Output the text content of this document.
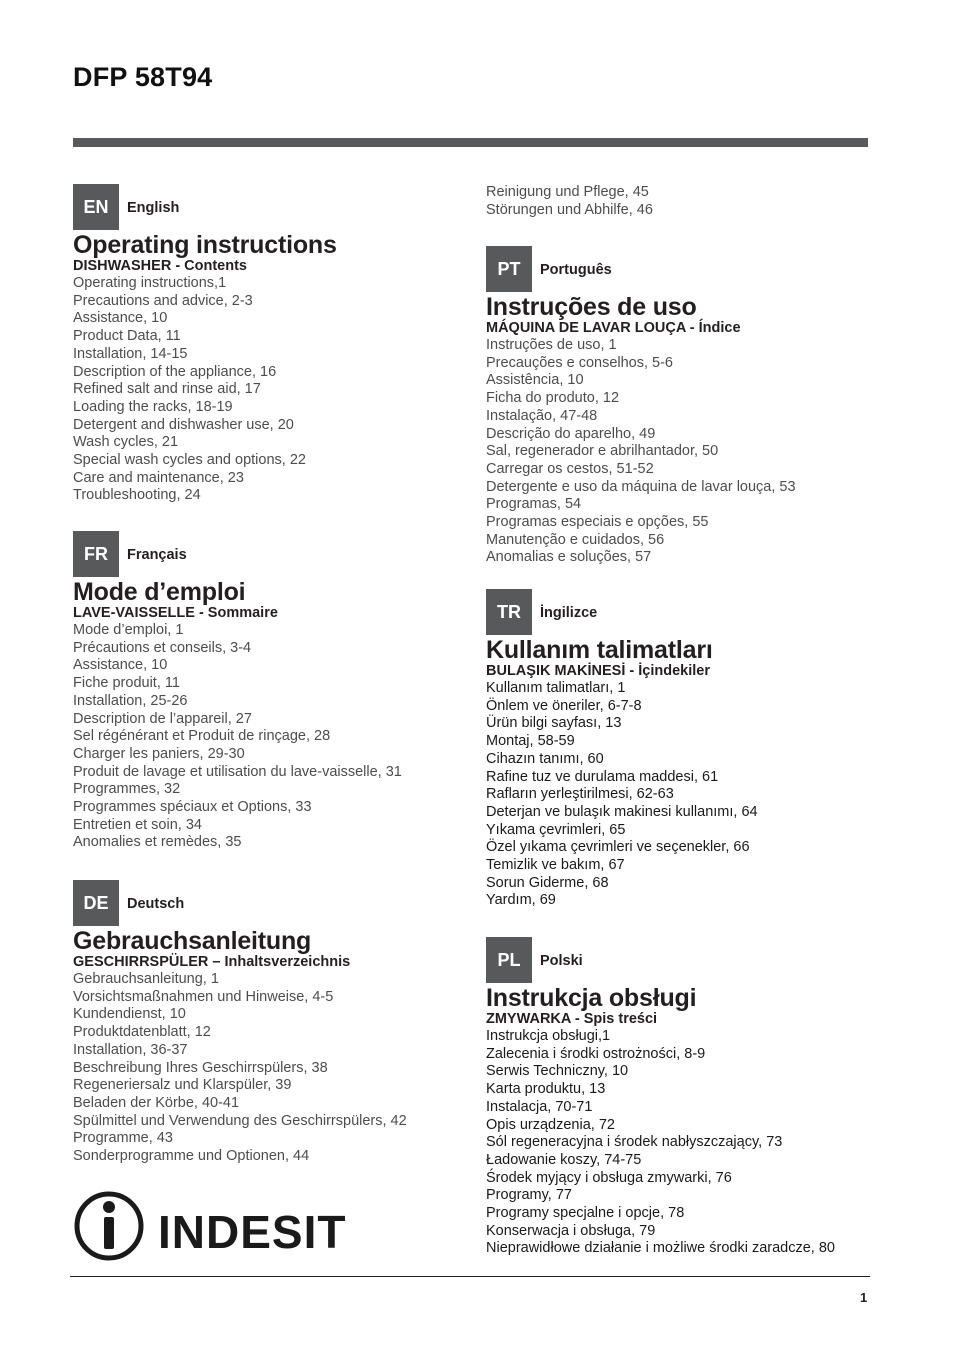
DFP 58T94
EN	English
Operating instructions
DISHWASHER - Contents
Operating instructions,1
Precautions and advice, 2-3
Assistance, 10
Product Data, 11
Installation, 14-15
Description of the appliance, 16
Refined salt and rinse aid, 17
Loading the racks, 18-19
Detergent and dishwasher use, 20
Wash cycles, 21
Special wash cycles and options, 22
Care and maintenance, 23
Troubleshooting, 24
FR	Français
Mode d’emploi
LAVE-VAISSELLE - Sommaire
Mode d’emploi, 1
Précautions et conseils, 3-4
Assistance, 10
Fiche produit, 11
Installation, 25-26
Description de l’appareil, 27
Sel régénérant et Produit de rinçage, 28
Charger les paniers, 29-30
Produit de lavage et utilisation du lave-vaisselle, 31
Programmes, 32
Programmes spéciaux et Options, 33
Entretien et soin, 34
Anomalies et remèdes, 35
DE	Deutsch
Gebrauchsanleitung
GESCHIRRSPÜLER – Inhaltsverzeichnis
Gebrauchsanleitung, 1
Vorsichtsmaßnahmen und Hinweise, 4-5
Kundendienst, 10
Produktdatenblatt, 12
Installation, 36-37
Beschreibung Ihres Geschirrspülers, 38
Regeneriersalz und Klarspüler, 39
Beladen der Körbe, 40-41
Spülmittel und Verwendung des Geschirrspülers, 42
Programme, 43
Sonderprogramme und Optionen, 44
Reinigung und Pflege, 45
Störungen und Abhilfe, 46
PT	Português
Instruções de uso
MÁQUINA DE LAVAR LOUÇA - Índice
Instruções de uso, 1
Precauções e conselhos, 5-6
Assistência, 10
Ficha do produto, 12
Instalação, 47-48
Descrição do aparelho, 49
Sal, regenerador e abrilhantador, 50
Carregar os cestos, 51-52
Detergente e uso da máquina de lavar louça, 53
Programas, 54
Programas especiais e opções, 55
Manutenção e cuidados, 56
Anomalias e soluções, 57
TR	İngilizce
Kullanım talimatları
BULAŞIK MAKİNESİ - İçindekiler
Kullanım talimatları, 1
Önlem ve öneriler, 6-7-8
Ürün bilgi sayfası, 13
Montaj, 58-59
Cihazın tanımı, 60
Rafine tuz ve durulama maddesi, 61
Rafların yerleştirilmesi, 62-63
Deterjan ve bulaşık makinesi kullanımı, 64
Yıkama çevrimleri, 65
Özel yıkama çevrimleri ve seçenekler, 66
Temizlik ve bakım, 67
Sorun Giderme, 68
Yardım, 69
PL	Polski
Instrukcja obsługi
ZMYWARKA - Spis treści
Instrukcja obsługi,1
Zalecenia i środki ostrożności, 8-9
Serwis Techniczny, 10
Karta produktu, 13
Instalacja, 70-71
Opis urządzenia, 72
Sól regeneracyjna i środek nabłyszczający, 73
Ładowanie koszy, 74-75
Środek myjący i obsługa zmywarki, 76
Programy, 77
Programy specjalne i opcje, 78
Konserwacja i obsługa, 79
Nieprawidłowe działanie i możliwe środki zaradcze, 80
INDESIT
1
